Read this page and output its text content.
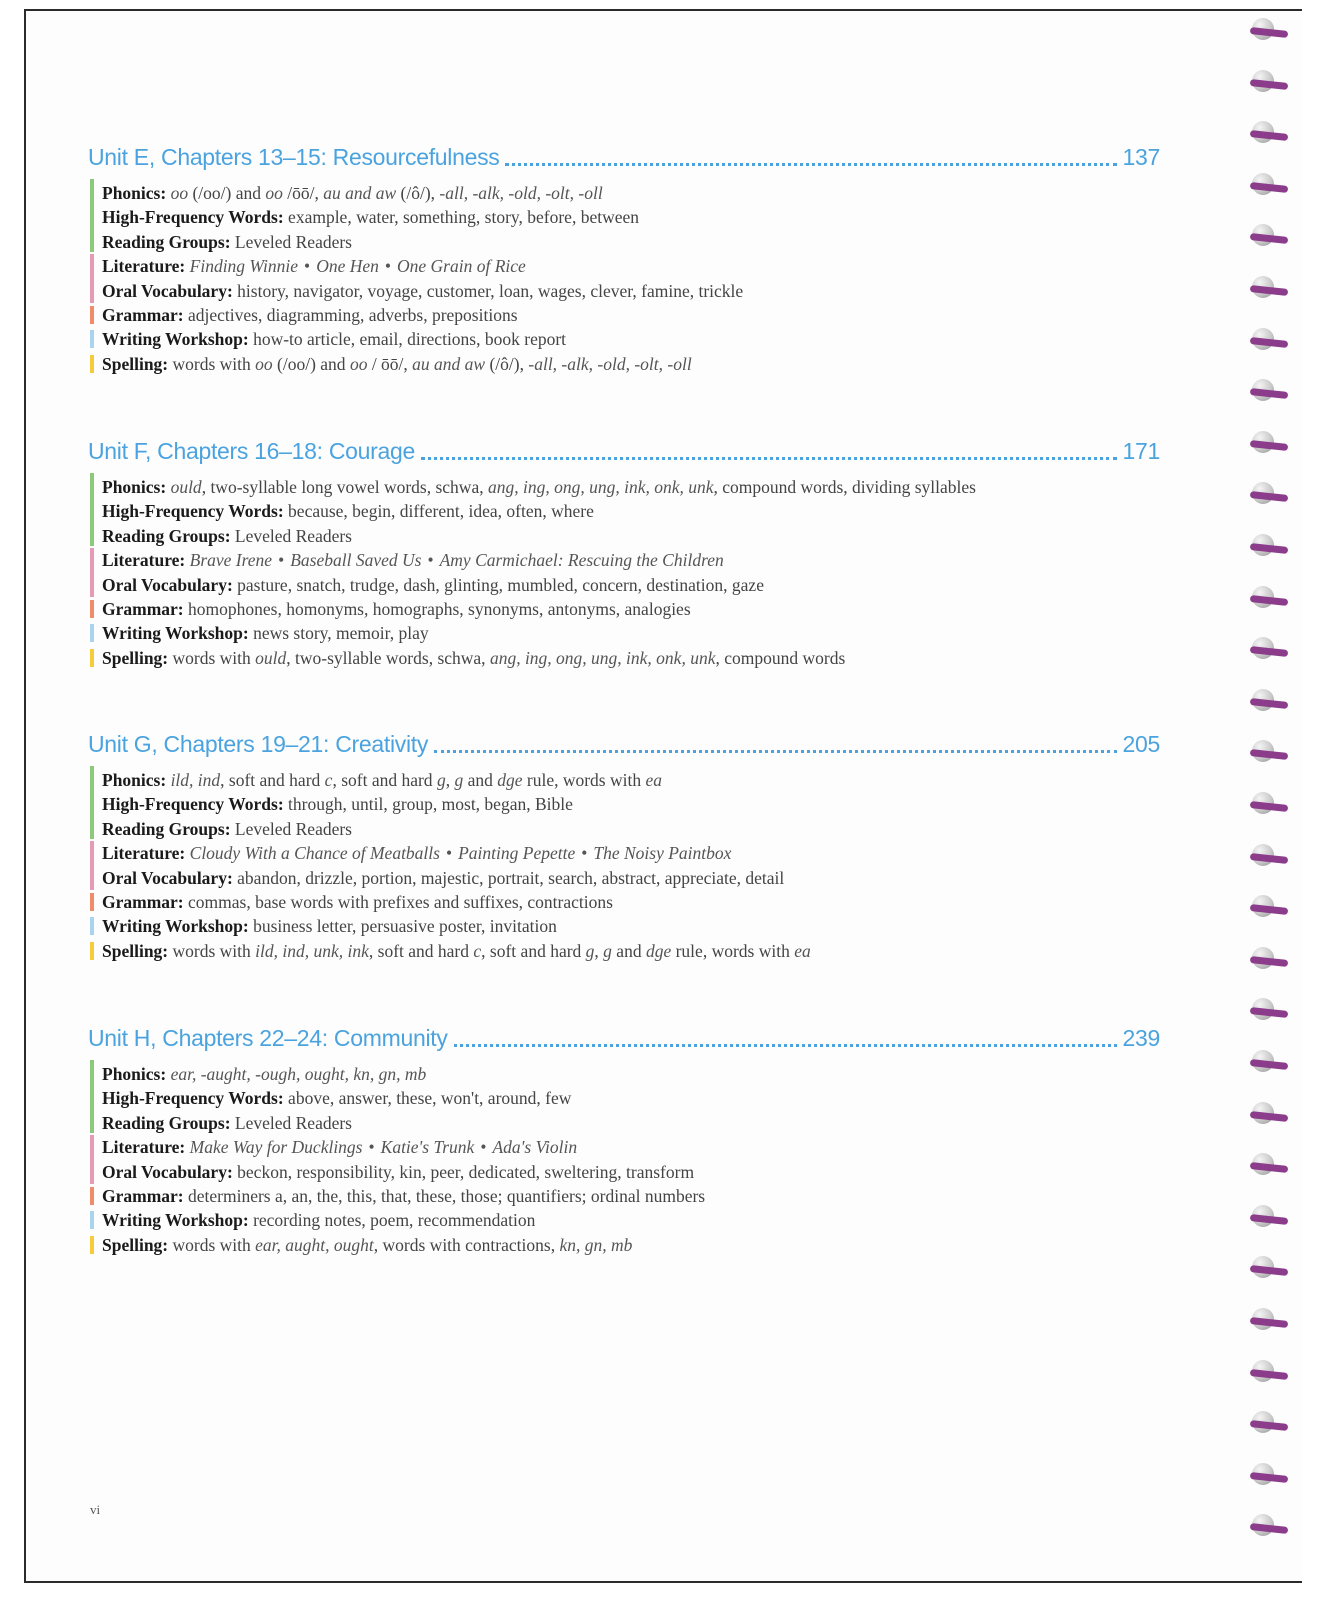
Unit E, Chapters 13–15: Resourcefulness	137
Phonics: oo (/oo/) and oo /ōō/, au and aw (/ô/), -all, -alk, -old, -olt, -oll
High-Frequency Words: example, water, something, story, before, between
Reading Groups: Leveled Readers
Literature: Finding Winnie • One Hen • One Grain of Rice
Oral Vocabulary: history, navigator, voyage, customer, loan, wages, clever, famine, trickle
Grammar: adjectives, diagramming, adverbs, prepositions
Writing Workshop: how-to article, email, directions, book report
Spelling: words with oo (/oo/) and oo / ōō/, au and aw (/ô/), -all, -alk, -old, -olt, -oll
Unit F, Chapters 16–18: Courage	171
Phonics: ould, two-syllable long vowel words, schwa, ang, ing, ong, ung, ink, onk, unk, compound words, dividing syllables
High-Frequency Words: because, begin, different, idea, often, where
Reading Groups: Leveled Readers
Literature: Brave Irene • Baseball Saved Us • Amy Carmichael: Rescuing the Children
Oral Vocabulary: pasture, snatch, trudge, dash, glinting, mumbled, concern, destination, gaze
Grammar: homophones, homonyms, homographs, synonyms, antonyms, analogies
Writing Workshop: news story, memoir, play
Spelling: words with ould, two-syllable words, schwa, ang, ing, ong, ung, ink, onk, unk, compound words
Unit G, Chapters 19–21: Creativity	205
Phonics: ild, ind, soft and hard c, soft and hard g, g and dge rule, words with ea
High-Frequency Words: through, until, group, most, began, Bible
Reading Groups: Leveled Readers
Literature: Cloudy With a Chance of Meatballs • Painting Pepette • The Noisy Paintbox
Oral Vocabulary: abandon, drizzle, portion, majestic, portrait, search, abstract, appreciate, detail
Grammar: commas, base words with prefixes and suffixes, contractions
Writing Workshop: business letter, persuasive poster, invitation
Spelling: words with ild, ind, unk, ink, soft and hard c, soft and hard g, g and dge rule, words with ea
Unit H, Chapters 22–24: Community	239
Phonics: ear, -aught, -ough, ought, kn, gn, mb
High-Frequency Words: above, answer, these, won't, around, few
Reading Groups: Leveled Readers
Literature: Make Way for Ducklings • Katie's Trunk • Ada's Violin
Oral Vocabulary: beckon, responsibility, kin, peer, dedicated, sweltering, transform
Grammar: determiners a, an, the, this, that, these, those; quantifiers; ordinal numbers
Writing Workshop: recording notes, poem, recommendation
Spelling: words with ear, aught, ought, words with contractions, kn, gn, mb
vi
